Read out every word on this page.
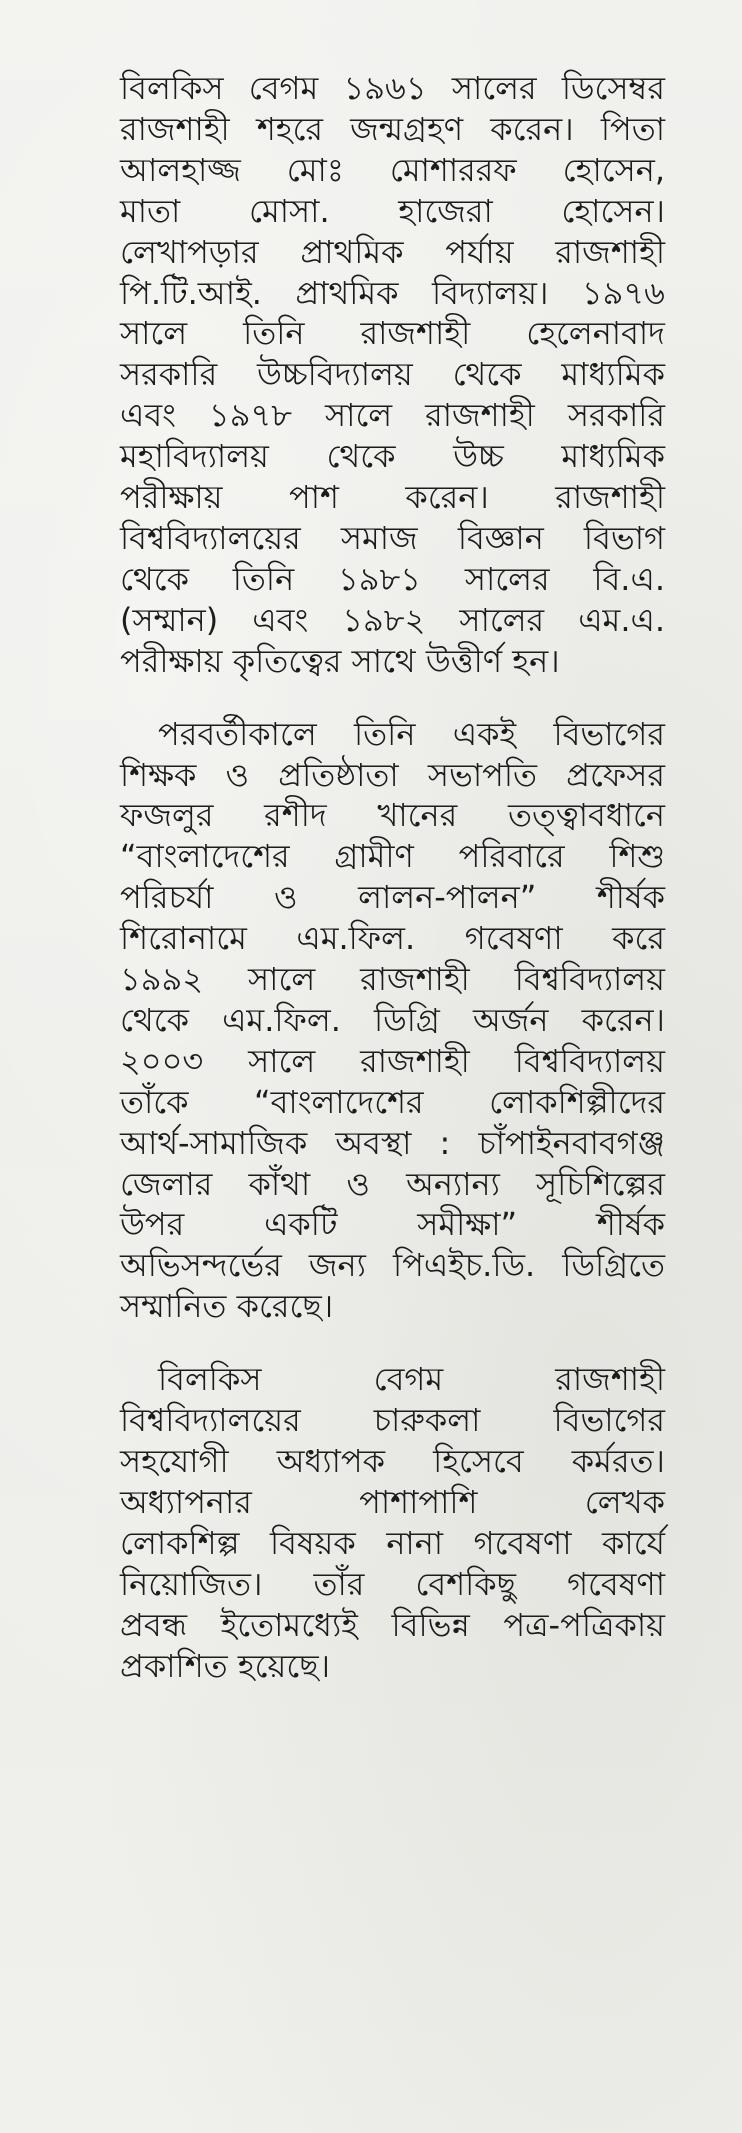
বিলকিস বেগম ১৯৬১ সালের ডিসেম্বর
রাজশাহী শহরে জন্মগ্রহণ করেন। পিতা
আলহাজ্জ মোঃ মোশাররফ হোসেন,
মাতা মোসা. হাজেরা হোসেন।
লেখাপড়ার প্রাথমিক পর্যায় রাজশাহী
পি.টি.আই. প্রাথমিক বিদ্যালয়। ১৯৭৬
সালে তিনি রাজশাহী হেলেনাবাদ
সরকারি উচ্চবিদ্যালয় থেকে মাধ্যমিক
এবং ১৯৭৮ সালে রাজশাহী সরকারি
মহাবিদ্যালয় থেকে উচ্চ মাধ্যমিক
পরীক্ষায় পাশ করেন। রাজশাহী
বিশ্ববিদ্যালয়ের সমাজ বিজ্ঞান বিভাগ
থেকে তিনি ১৯৮১ সালের বি.এ.
(সম্মান) এবং ১৯৮২ সালের এম.এ.
পরীক্ষায় কৃতিত্বের সাথে উত্তীর্ণ হন।

পরবর্তীকালে তিনি একই বিভাগের
শিক্ষক ও প্রতিষ্ঠাতা সভাপতি প্রফেসর
ফজলুর রশীদ খানের তত্ত্বাবধানে
“বাংলাদেশের গ্রামীণ পরিবারে শিশু
পরিচর্যা ও লালন-পালন” শীর্ষক
শিরোনামে এম.ফিল. গবেষণা করে
১৯৯২ সালে রাজশাহী বিশ্ববিদ্যালয়
থেকে এম.ফিল. ডিগ্রি অর্জন করেন।
২০০৩ সালে রাজশাহী বিশ্ববিদ্যালয়
তাঁকে “বাংলাদেশের লোকশিল্পীদের
আর্থ-সামাজিক অবস্থা : চাঁপাইনবাবগঞ্জ
জেলার কাঁথা ও অন্যান্য সূচিশিল্পের
উপর একটি সমীক্ষা” শীর্ষক
অভিসন্দর্ভের জন্য পিএইচ.ডি. ডিগ্রিতে
সম্মানিত করেছে।

বিলকিস বেগম রাজশাহী
বিশ্ববিদ্যালয়ের চারুকলা বিভাগের
সহযোগী অধ্যাপক হিসেবে কর্মরত।
অধ্যাপনার পাশাপাশি লেখক
লোকশিল্প বিষয়ক নানা গবেষণা কার্যে
নিয়োজিত। তাঁর বেশকিছু গবেষণা
প্রবন্ধ ইতোমধ্যেই বিভিন্ন পত্র-পত্রিকায়
প্রকাশিত হয়েছে।
